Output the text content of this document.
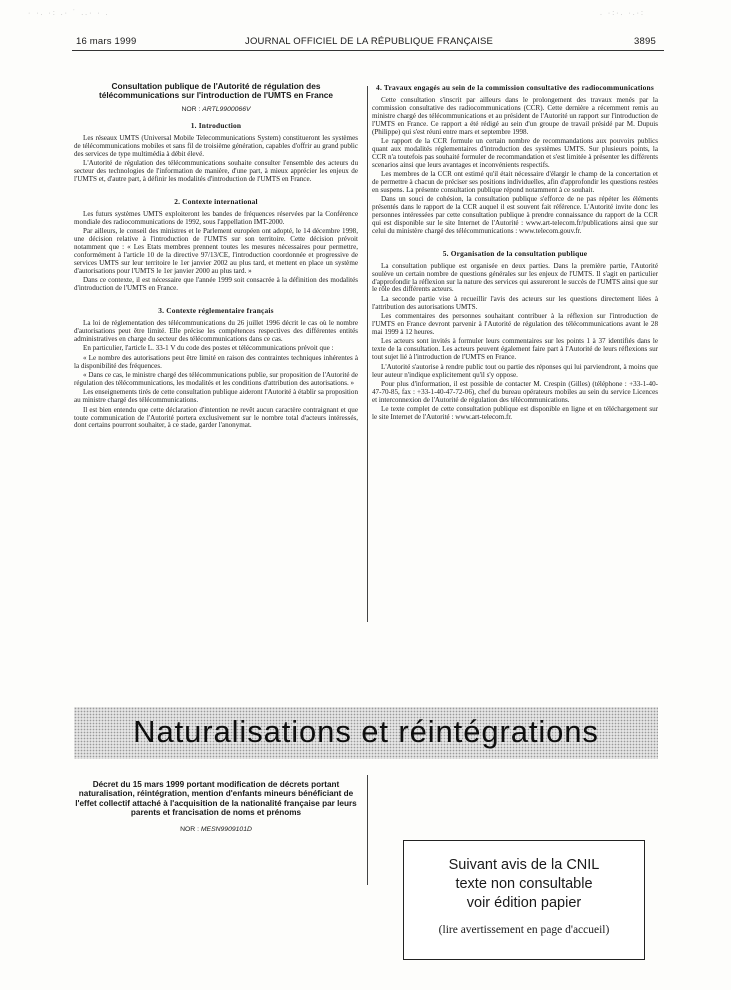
· ·. ·: .· ˙ ..· · .	. ·:·. ·.·:
16 mars 1999	JOURNAL OFFICIEL DE LA RÉPUBLIQUE FRANÇAISE	3895
Consultation publique de l'Autorité de régulation des télécommunications sur l'introduction de l'UMTS en France
NOR : ARTL9900066V
1. Introduction

Les réseaux UMTS (Universal Mobile Telecommunications System) constitueront les systèmes de télécommunications mobiles et sans fil de troisième génération, capables d'offrir au grand public des services de type multimédia à débit élevé.

L'Autorité de régulation des télécommunications souhaite consulter l'ensemble des acteurs du secteur des technologies de l'information de manière, d'une part, à mieux apprécier les enjeux de l'UMTS et, d'autre part, à définir les modalités d'introduction de l'UMTS en France.

2. Contexte international

Les futurs systèmes UMTS exploiteront les bandes de fréquences réservées par la Conférence mondiale des radiocommunications de 1992, sous l'appellation IMT-2000.

Par ailleurs, le conseil des ministres et le Parlement européen ont adopté, le 14 décembre 1998, une décision relative à l'introduction de l'UMTS sur son territoire. Cette décision prévoit notamment que : « Les Etats membres prennent toutes les mesures nécessaires pour permettre, conformément à l'article 10 de la directive 97/13/CE, l'introduction coordonnée et progressive de services UMTS sur leur territoire le 1er janvier 2002 au plus tard, et mettent en place un système d'autorisations pour l'UMTS le 1er janvier 2000 au plus tard. »

Dans ce contexte, il est nécessaire que l'année 1999 soit consacrée à la définition des modalités d'introduction de l'UMTS en France.

3. Contexte réglementaire français

La loi de réglementation des télécommunications du 26 juillet 1996 décrit le cas où le nombre d'autorisations peut être limité. Elle précise les compétences respectives des différentes entités administratives en charge du secteur des télécommunications dans ce cas.

En particulier, l'article L. 33-1 V du code des postes et télécommunications prévoit que :

« Le nombre des autorisations peut être limité en raison des contraintes techniques inhérentes à la disponibilité des fréquences.

« Dans ce cas, le ministre chargé des télécommunications publie, sur proposition de l'Autorité de régulation des télécommunications, les modalités et les conditions d'attribution des autorisations. »

Les enseignements tirés de cette consultation publique aideront l'Autorité à établir sa proposition au ministre chargé des télécommunications.

Il est bien entendu que cette déclaration d'intention ne revêt aucun caractère contraignant et que toute communication de l'Autorité portera exclusivement sur le nombre total d'acteurs intéressés, dont certains pourront souhaiter, à ce stade, garder l'anonymat.

4. Travaux engagés au sein de la commission consultative des radiocommunications

Cette consultation s'inscrit par ailleurs dans le prolongement des travaux menés par la commission consultative des radiocommunications (CCR). Cette dernière a récemment remis au ministre chargé des télécommunications et au président de l'Autorité un rapport sur l'introduction de l'UMTS en France. Ce rapport a été rédigé au sein d'un groupe de travail présidé par M. Dupuis (Philippe) qui s'est réuni entre mars et septembre 1998.

Le rapport de la CCR formule un certain nombre de recommandations aux pouvoirs publics quant aux modalités réglementaires d'introduction des systèmes UMTS. Sur plusieurs points, la CCR n'a toutefois pas souhaité formuler de recommandation et s'est limitée à présenter les différents scenarios ainsi que leurs avantages et inconvénients respectifs.

Les membres de la CCR ont estimé qu'il était nécessaire d'élargir le champ de la concertation et de permettre à chacun de préciser ses positions individuelles, afin d'approfondir les questions restées en suspens. La présente consultation publique répond notamment à ce souhait.

Dans un souci de cohésion, la consultation publique s'efforce de ne pas répéter les éléments présentés dans le rapport de la CCR auquel il est souvent fait référence. L'Autorité invite donc les personnes intéressées par cette consultation publique à prendre connaissance du rapport de la CCR qui est disponible sur le site Internet de l'Autorité : www.art-telecom.fr/publications ainsi que sur celui du ministère chargé des télécommunications : www.telecom.gouv.fr.

5. Organisation de la consultation publique

La consultation publique est organisée en deux parties. Dans la première partie, l'Autorité soulève un certain nombre de questions générales sur les enjeux de l'UMTS. Il s'agit en particulier d'approfondir la réflexion sur la nature des services qui assureront le succès de l'UMTS ainsi que sur le rôle des différents acteurs.

La seconde partie vise à recueillir l'avis des acteurs sur les questions directement liées à l'attribution des autorisations UMTS.

Les commentaires des personnes souhaitant contribuer à la réflexion sur l'introduction de l'UMTS en France devront parvenir à l'Autorité de régulation des télécommunications avant le 28 mai 1999 à 12 heures.

Les acteurs sont invités à formuler leurs commentaires sur les points 1 à 37 identifiés dans le texte de la consultation. Les acteurs peuvent également faire part à l'Autorité de leurs réflexions sur tout sujet lié à l'introduction de l'UMTS en France.

L'Autorité s'autorise à rendre public tout ou partie des réponses qui lui parviendront, à moins que leur auteur n'indique explicitement qu'il s'y oppose.

Pour plus d'information, il est possible de contacter M. Crespin (Gilles) (téléphone : +33-1-40-47-70-85, fax : +33-1-40-47-72-06), chef du bureau opérateurs mobiles au sein du service Licences et interconnexion de l'Autorité de régulation des télécommunications.

Le texte complet de cette consultation publique est disponible en ligne et en téléchargement sur le site Internet de l'Autorité : www.art-telecom.fr.

Naturalisations et réintégrations
Décret du 15 mars 1999 portant modification de décrets portant naturalisation, réintégration, mention d'enfants mineurs bénéficiant de l'effet collectif attaché à l'acquisition de la nationalité française par leurs parents et francisation de noms et prénoms
NOR : MESN9909101D
Suivant avis de la CNIL
texte non consultable
voir édition papier
(lire avertissement en page d'accueil)
